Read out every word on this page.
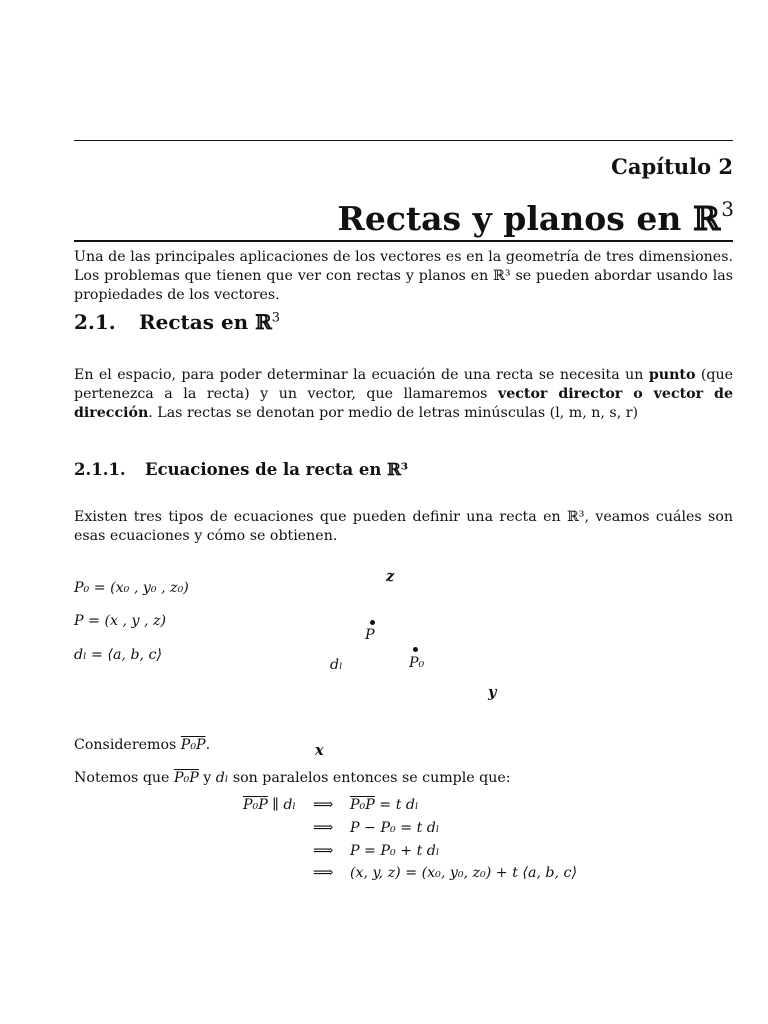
Capítulo 2
Rectas y planos en ℝ$^3$
Una de las principales aplicaciones de los vectores es en la geometría de tres dimensiones. Los problemas que tienen que ver con rectas y planos en ℝ³ se pueden abordar usando las propiedades de los vectores.
2.1. Rectas en ℝ$^3$
En el espacio, para poder determinar la ecuación de una recta se necesita un punto (que pertenezca a la recta) y un vector, que llamaremos vector director o vector de dirección. Las rectas se denotan por medio de letras minúsculas (l, m, n, s, r)
2.1.1. Ecuaciones de la recta en ℝ³
Existen tres tipos de ecuaciones que pueden definir una recta en ℝ³, veamos cuáles son esas ecuaciones y cómo se obtienen.
P₀ = (x₀ , y₀ , z₀)
P = (x , y , z)
dₗ = ⟨a, b, c⟩
z
P
P₀
dₗ
y
x
Consideremos P₀P.
Notemos que P₀P y dₗ son paralelos entonces se cumple que:
P₀P ∥ dₗ ⟹ P₀P = t dₗ
⟹ P − P₀ = t dₗ
⟹ P = P₀ + t dₗ
⟹ (x, y, z) = (x₀, y₀, z₀) + t ⟨a, b, c⟩
